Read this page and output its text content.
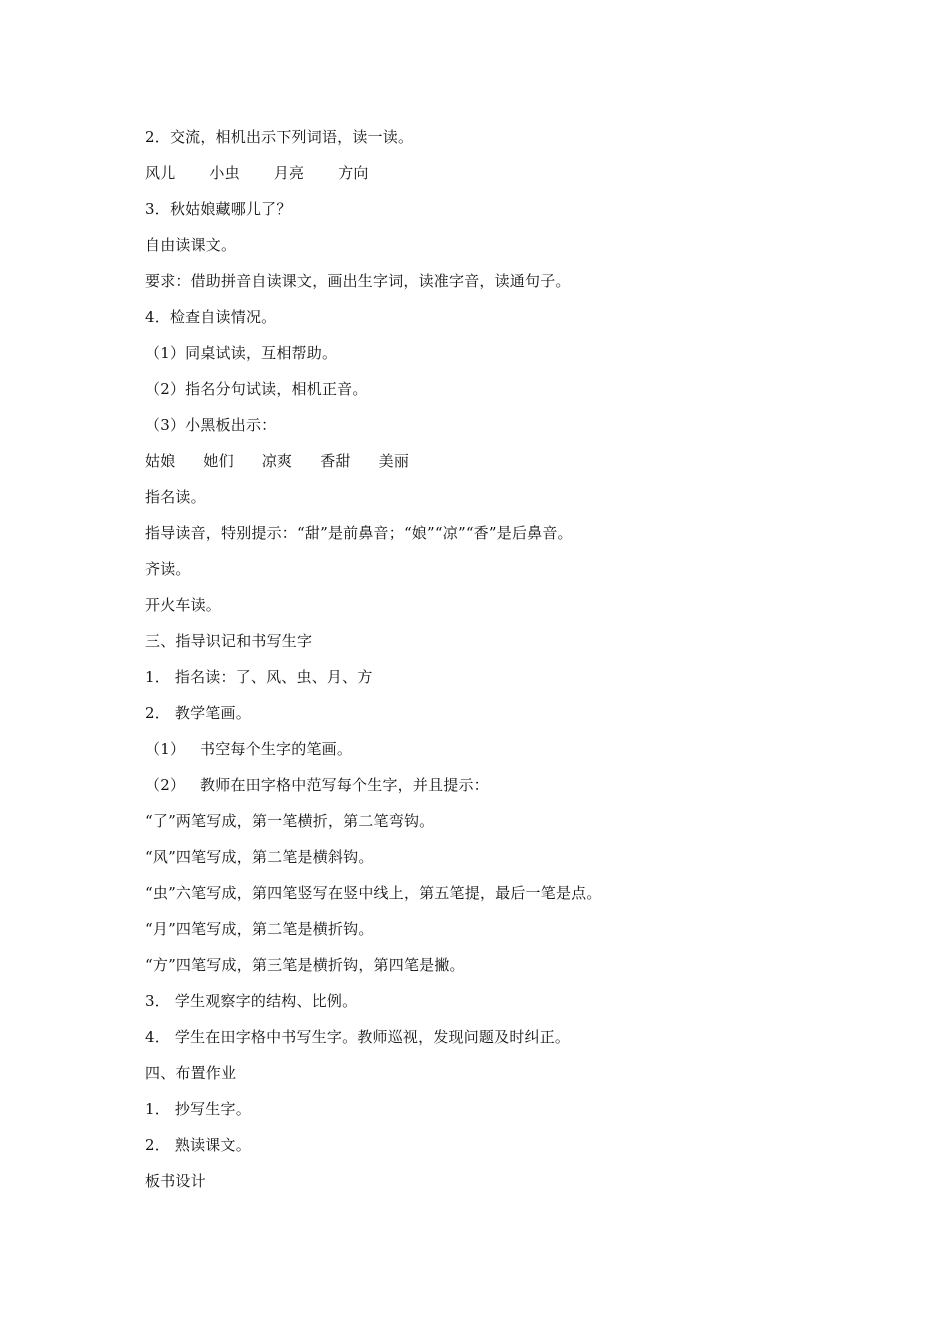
2．交流，相机出示下列词语，读一读。
风儿 小虫 月亮 方向
3．秋姑娘藏哪儿了？
自由读课文。
要求：借助拼音自读课文，画出生字词，读准字音，读通句子。
4．检查自读情况。
（1）同桌试读，互相帮助。
（2）指名分句试读，相机正音。
（3）小黑板出示：
姑娘 她们 凉爽 香甜 美丽
指名读。
指导读音，特别提示：“甜”是前鼻音；“娘”“凉”“香”是后鼻音。
齐读。
开火车读。
三、指导识记和书写生字
1． 指名读：了、风、虫、月、方
2． 教学笔画。
（1）   书空每个生字的笔画。
（2）   教师在田字格中范写每个生字，并且提示：
“了”两笔写成，第一笔横折，第二笔弯钩。
“风”四笔写成，第二笔是横斜钩。
“虫”六笔写成，第四笔竖写在竖中线上，第五笔提，最后一笔是点。
“月”四笔写成，第二笔是横折钩。
“方”四笔写成，第三笔是横折钩，第四笔是撇。
3． 学生观察字的结构、比例。
4． 学生在田字格中书写生字。教师巡视，发现问题及时纠正。
四、布置作业
1． 抄写生字。
2． 熟读课文。
板书设计
